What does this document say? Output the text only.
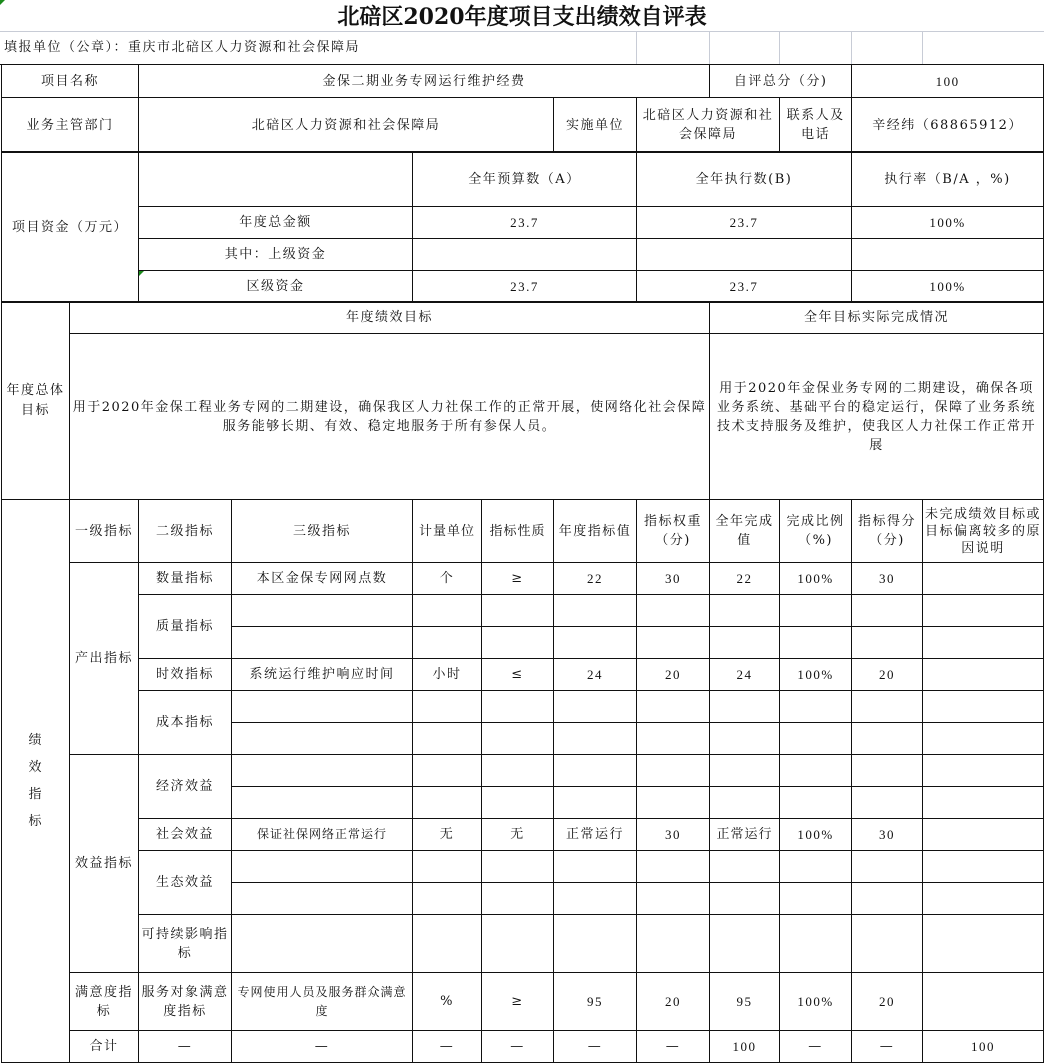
北碚区2020年度项目支出绩效自评表
填报单位（公章）：重庆市北碚区人力资源和社会保障局
项目名称	金保二期业务专网运行维护经费			自评总分（分)		100
业务主管部门	北碚区人力资源和社会保障局	实施单位	北碚区人力资源和社会保障局		联系人及电话	辛经纬（68865912）
项目资金（万元）		全年预算数（A）	全年执行数(B)	执行率（B/A ，%)
	年度总金额	23.7	23.7	100%
	其中：上级资金			
	区级资金	23.7	23.7	100%
年度总体目标	年度绩效目标							全年目标实际完成情况				
	用于2020年金保工程业务专网的二期建设，确保我区人力社保工作的正常开展，使网络化社会保障服务能够长期、有效、稳定地服务于所有参保人员。							用于2020年金保业务专网的二期建设，确保各项业务系统、基础平台的稳定运行，保障了业务系统技术支持服务及维护，使我区人力社保工作正常开展				
绩效指标	一级指标	二级指标	三级指标	计量单位	指标性质	年度指标值	指标权重（分)	全年完成值	完成比例（%)	指标得分（分)	未完成绩效目标或目标偏离较多的原因说明	
	产出指标	数量指标	本区金保专网网点数	个	≥	22	30	22	100%	30		
		质量指标										

		时效指标	系统运行维护响应时间	小时	≤	24	20	24	100%	20		
		成本指标										

	效益指标	经济效益										

		社会效益	保证社保网络正常运行	无	无	正常运行	30	正常运行	100%	30		
		生态效益										

		可持续影响指标										
	满意度指标	服务对象满意度指标	专网使用人员及服务群众满意度	%	≥	95	20	95	100%	20		
	合计	—	—	—	—	—	—	100	—	—	100	
